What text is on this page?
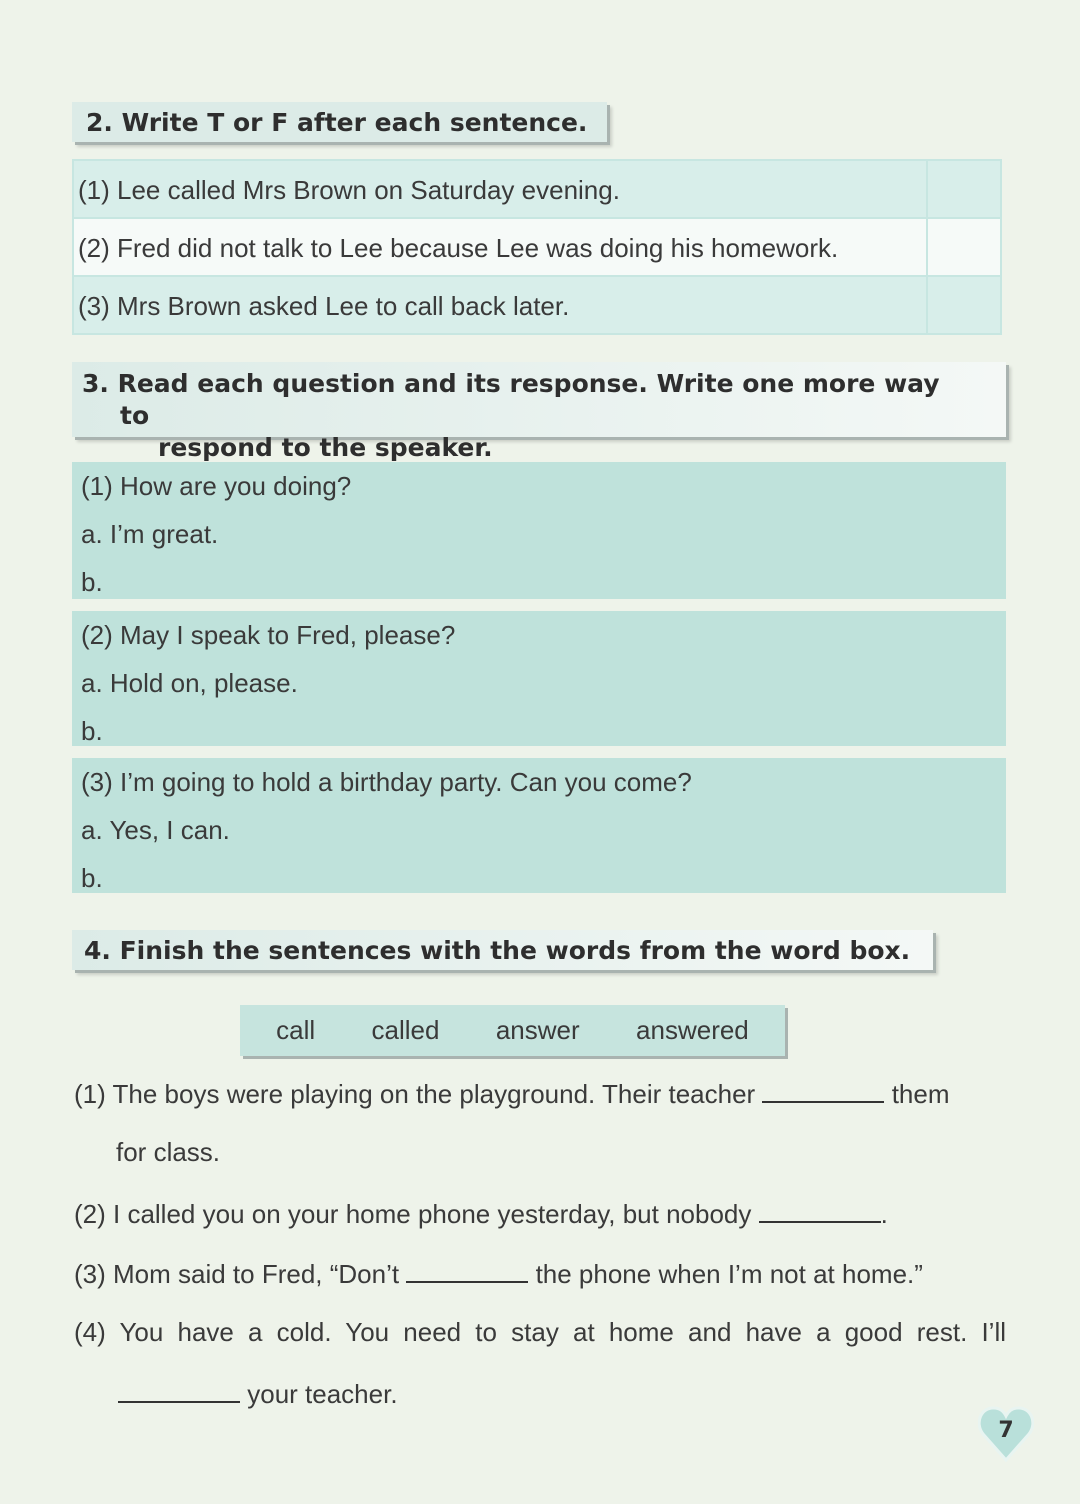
2. Write T or F after each sentence.
(1) Lee called Mrs Brown on Saturday evening.
(2) Fred did not talk to Lee because Lee was doing his homework.
(3) Mrs Brown asked Lee to call back later.
3. Read each question and its response. Write one more way to
respond to the speaker.
(1) How are you doing?
a. I’m great.
b.
(2) May I speak to Fred, please?
a. Hold on, please.
b.
(3) I’m going to hold a birthday party. Can you come?
a. Yes, I can.
b.
4. Finish the sentences with the words from the word box.
call called answer answered
(1) The boys were playing on the playground. Their teacher	them
for class.
(2) I called you on your home phone yesterday, but nobody	.
(3) Mom said to Fred, “Don’t	the phone when I’m not at home.”
(4) You have a cold. You need to stay at home and have a good rest. I’ll
your teacher.
7
